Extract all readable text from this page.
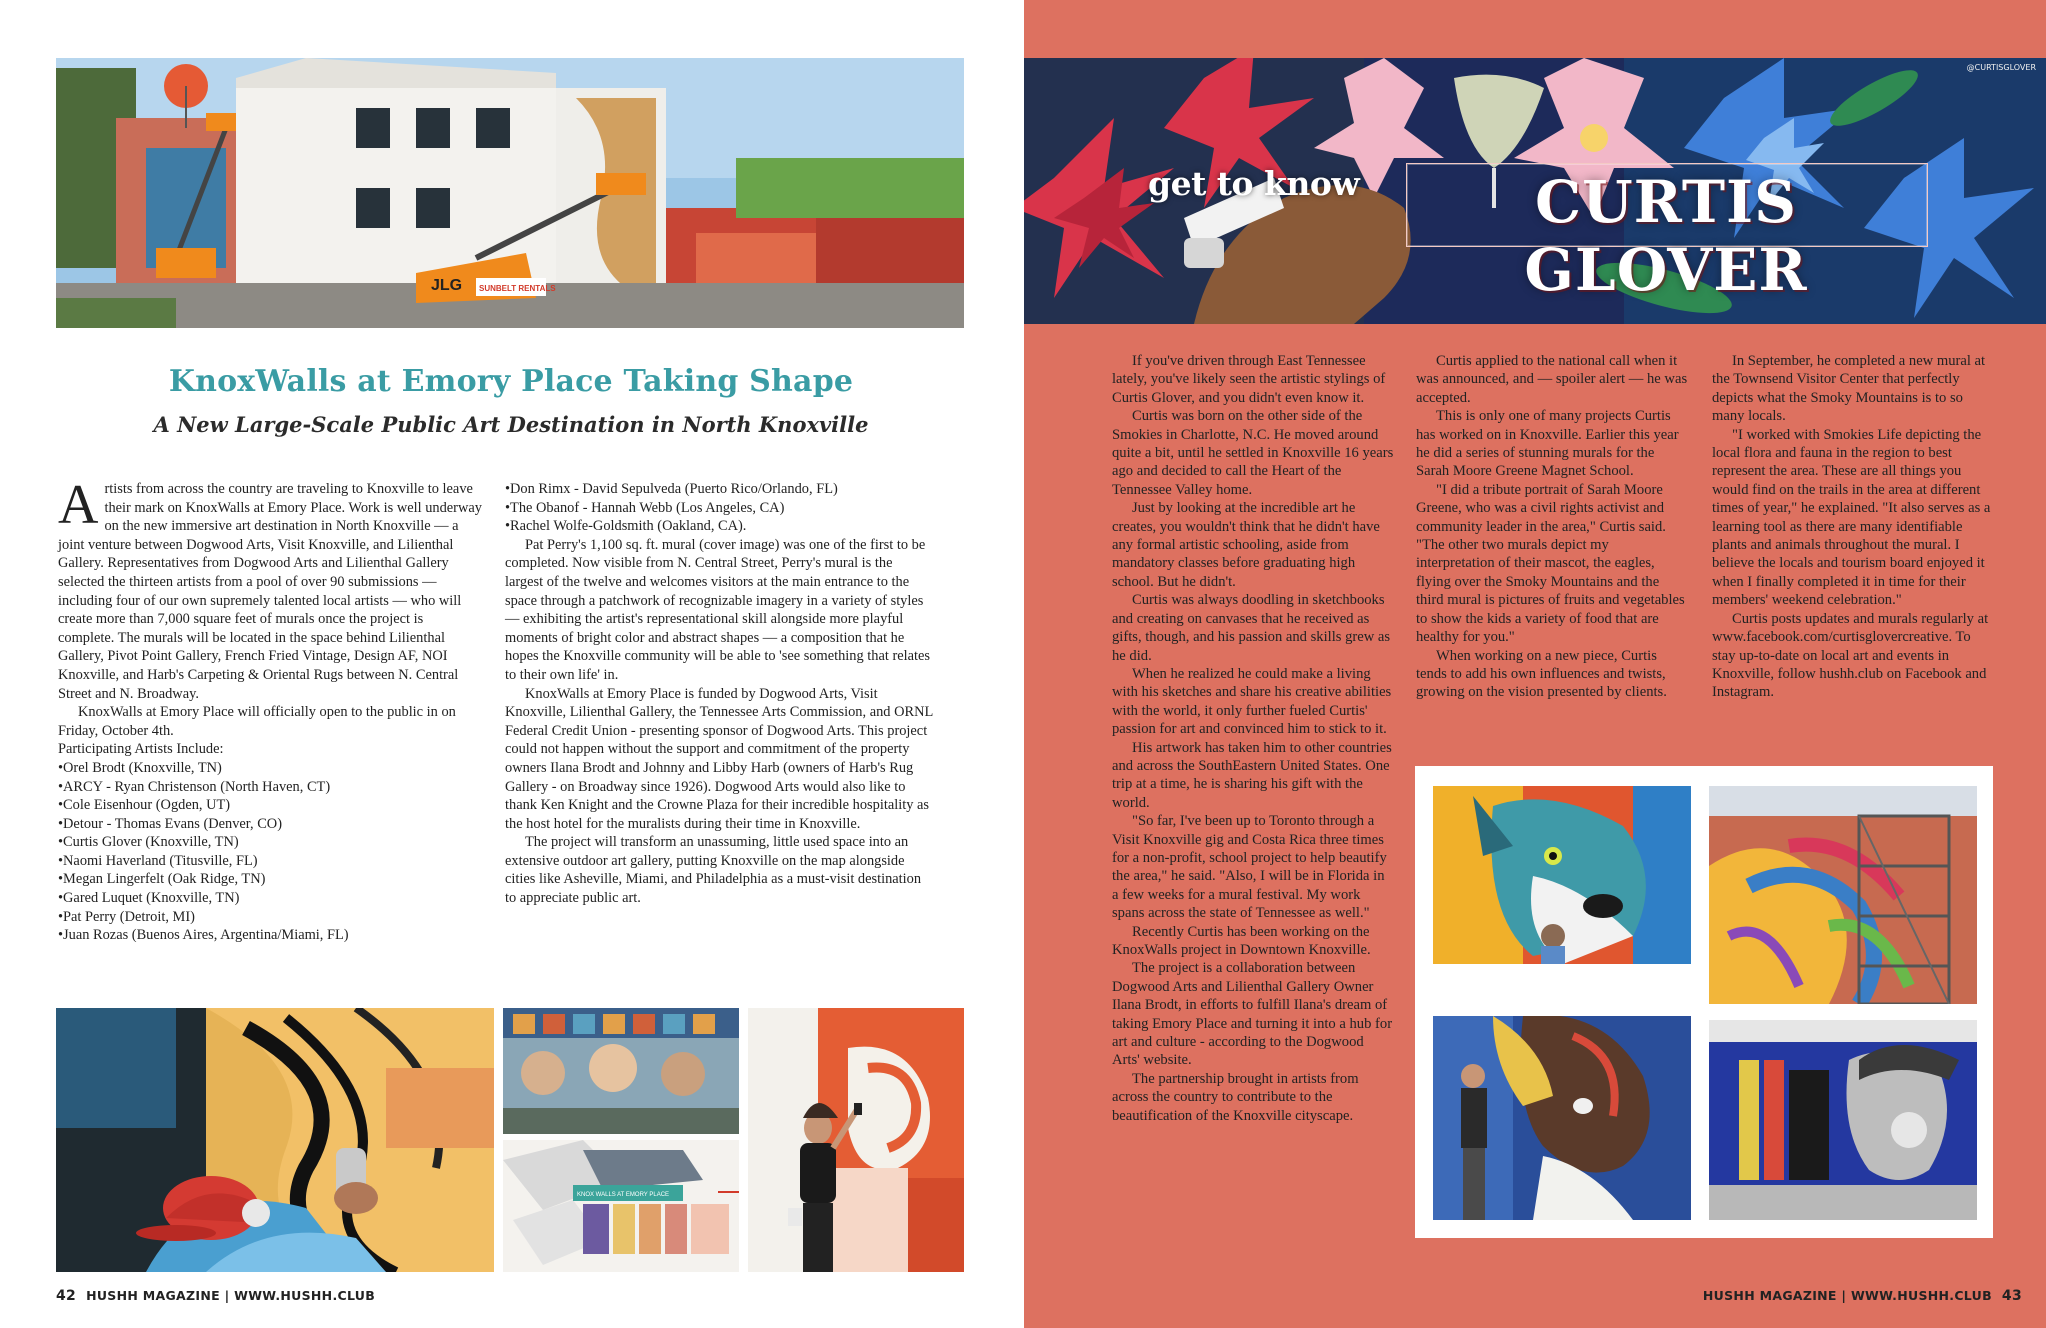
JLG SUNBELT RENTALS
KnoxWalls at Emory Place Taking Shape
A New Large-Scale Public Art Destination in North Knoxville

Artists from across the country are traveling to Knoxville to leave their mark on KnoxWalls at Emory Place. Work is well underway on the new immersive art destination in North Knoxville — a joint venture between Dogwood Arts, Visit Knoxville, and Lilienthal Gallery. Representatives from Dogwood Arts and Lilienthal Gallery selected the thirteen artists from a pool of over 90 submissions — including four of our own supremely talented local artists — who will create more than 7,000 square feet of murals once the project is complete. The murals will be located in the space behind Lilienthal Gallery, Pivot Point Gallery, French Fried Vintage, Design AF, NOI Knoxville, and Harb's Carpeting & Oriental Rugs between N. Central Street and N. Broadway.

KnoxWalls at Emory Place will officially open to the public in on Friday, October 4th.

Participating Artists Include:

•Orel Brodt (Knoxville, TN)
•ARCY - Ryan Christenson (North Haven, CT)
•Cole Eisenhour (Ogden, UT)
•Detour - Thomas Evans (Denver, CO)
•Curtis Glover (Knoxville, TN)
•Naomi Haverland (Titusville, FL)
•Megan Lingerfelt (Oak Ridge, TN)
•Gared Luquet (Knoxville, TN)
•Pat Perry (Detroit, MI)
•Juan Rozas (Buenos Aires, Argentina/Miami, FL)
•Don Rimx - David Sepulveda (Puerto Rico/Orlando, FL)
•The Obanof - Hannah Webb (Los Angeles, CA)
•Rachel Wolfe-Goldsmith (Oakland, CA).

Pat Perry's 1,100 sq. ft. mural (cover image) was one of the first to be completed. Now visible from N. Central Street, Perry's mural is the largest of the twelve and welcomes visitors at the main entrance to the space through a patchwork of recognizable imagery in a variety of styles — exhibiting the artist's representational skill alongside more playful moments of bright color and abstract shapes — a composition that he hopes the Knoxville community will be able to 'see something that relates to their own life' in.

KnoxWalls at Emory Place is funded by Dogwood Arts, Visit Knoxville, Lilienthal Gallery, the Tennessee Arts Commission, and ORNL Federal Credit Union - presenting sponsor of Dogwood Arts. This project could not happen without the support and commitment of the property owners Ilana Brodt and Johnny and Libby Harb (owners of Harb's Rug Gallery - on Broadway since 1926). Dogwood Arts would also like to thank Ken Knight and the Crowne Plaza for their incredible hospitality as the host hotel for the muralists during their time in Knoxville.

The project will transform an unassuming, little used space into an extensive outdoor art gallery, putting Knoxville on the map alongside cities like Asheville, Miami, and Philadelphia as a must-visit destination to appreciate public art.

KNOX WALLS AT EMORY PLACE
42 HUSHH MAGAZINE | WWW.HUSHH.CLUB
@CURTISGLOVER
get to know	CURTIS GLOVER

If you've driven through East Tennessee lately, you've likely seen the artistic stylings of Curtis Glover, and you didn't even know it.

Curtis was born on the other side of the Smokies in Charlotte, N.C. He moved around quite a bit, until he settled in Knoxville 16 years ago and decided to call the Heart of the Tennessee Valley home.

Just by looking at the incredible art he creates, you wouldn't think that he didn't have any formal artistic schooling, aside from mandatory classes before graduating high school. But he didn't.

Curtis was always doodling in sketchbooks and creating on canvases that he received as gifts, though, and his passion and skills grew as he did.

When he realized he could make a living with his sketches and share his creative abilities with the world, it only further fueled Curtis' passion for art and convinced him to stick to it.

His artwork has taken him to other countries and across the SouthEastern United States. One trip at a time, he is sharing his gift with the world.

"So far, I've been up to Toronto through a Visit Knoxville gig and Costa Rica three times for a non-profit, school project to help beautify the area," he said. "Also, I will be in Florida in a few weeks for a mural festival. My work spans across the state of Tennessee as well."

Recently Curtis has been working on the KnoxWalls project in Downtown Knoxville.

The project is a collaboration between Dogwood Arts and Lilienthal Gallery Owner Ilana Brodt, in efforts to fulfill Ilana's dream of taking Emory Place and turning it into a hub for art and culture - according to the Dogwood Arts' website.

The partnership brought in artists from across the country to contribute to the beautification of the Knoxville cityscape.

Curtis applied to the national call when it was announced, and — spoiler alert — he was accepted.

This is only one of many projects Curtis has worked on in Knoxville. Earlier this year he did a series of stunning murals for the Sarah Moore Greene Magnet School.

"I did a tribute portrait of Sarah Moore Greene, who was a civil rights activist and community leader in the area," Curtis said. "The other two murals depict my interpretation of their mascot, the eagles, flying over the Smoky Mountains and the third mural is pictures of fruits and vegetables to show the kids a variety of food that are healthy for you."

When working on a new piece, Curtis tends to add his own influences and twists, growing on the vision presented by clients.

In September, he completed a new mural at the Townsend Visitor Center that perfectly depicts what the Smoky Mountains is to so many locals.

"I worked with Smokies Life depicting the local flora and fauna in the region to best represent the area. These are all things you would find on the trails in the area at different times of year," he explained. "It also serves as a learning tool as there are many identifiable plants and animals throughout the mural. I believe the locals and tourism board enjoyed it when I finally completed it in time for their members' weekend celebration."

Curtis posts updates and murals regularly at www.facebook.com/curtisglovercreative. To stay up-to-date on local art and events in Knoxville, follow hushh.club on Facebook and Instagram.

HUSHH MAGAZINE | WWW.HUSHH.CLUB 43
